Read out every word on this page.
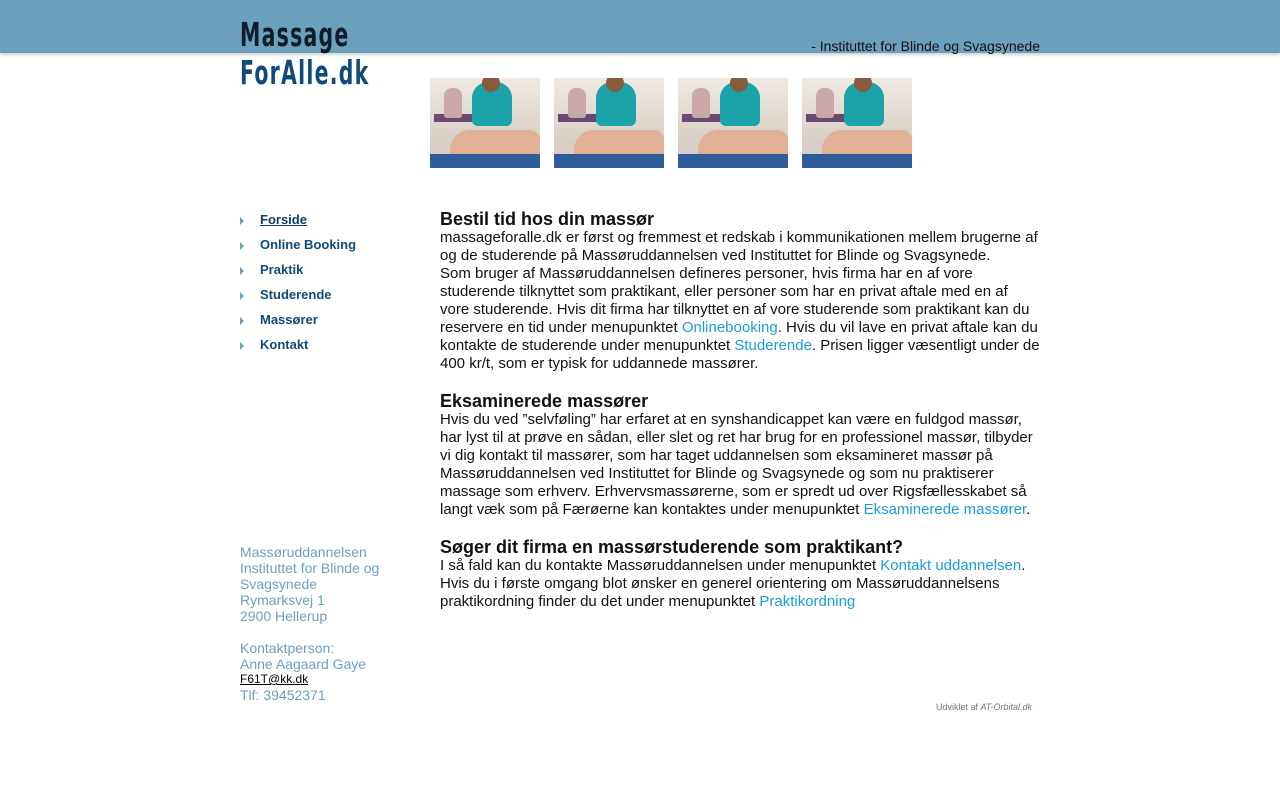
Massage
ForAlle.dk
- Instituttet for Blinde og Svagsynede
Forside
Online Booking
Praktik
Studerende
Massører
Kontakt
Massøruddannelsen
Instituttet for Blinde og Svagsynede
Rymarksvej 1
2900 Hellerup
Kontaktperson:
Anne Aagaard Gaye
F61T@kk.dk
Tlf: 39452371
Bestil tid hos din massør

massageforalle.dk er først og fremmest et redskab i kommunikationen mellem brugerne af og de studerende på Massøruddannelsen ved Instituttet for Blinde og Svagsynede.

Som bruger af Massøruddannelsen defineres personer, hvis firma har en af vore studerende tilknyttet som praktikant, eller personer som har en privat aftale med en af vore studerende. Hvis dit firma har tilknyttet en af vore studerende som praktikant kan du reservere en tid under menupunktet Onlinebooking. Hvis du vil lave en privat aftale kan du kontakte de studerende under menupunktet Studerende. Prisen ligger væsentligt under de 400 kr/t, som er typisk for uddannede massører.

Eksaminerede massører

Hvis du ved ”selvføling” har erfaret at en synshandicappet kan være en fuldgod massør, har lyst til at prøve en sådan, eller slet og ret har brug for en professionel massør, tilbyder vi dig kontakt til massører, som har taget uddannelsen som eksamineret massør på Massøruddannelsen ved Instituttet for Blinde og Svagsynede og som nu praktiserer massage som erhverv. Erhvervsmassørerne, som er spredt ud over Rigsfællesskabet så langt væk som på Færøerne kan kontaktes under menupunktet Eksaminerede massører.

Søger dit firma en massørstuderende som praktikant?

I så fald kan du kontakte Massøruddannelsen under menupunktet Kontakt uddannelsen. Hvis du i første omgang blot ønsker en generel orientering om Massøruddannelsens praktikordning finder du det under menupunktet Praktikordning

Udviklet af AT-Orbital.dk
